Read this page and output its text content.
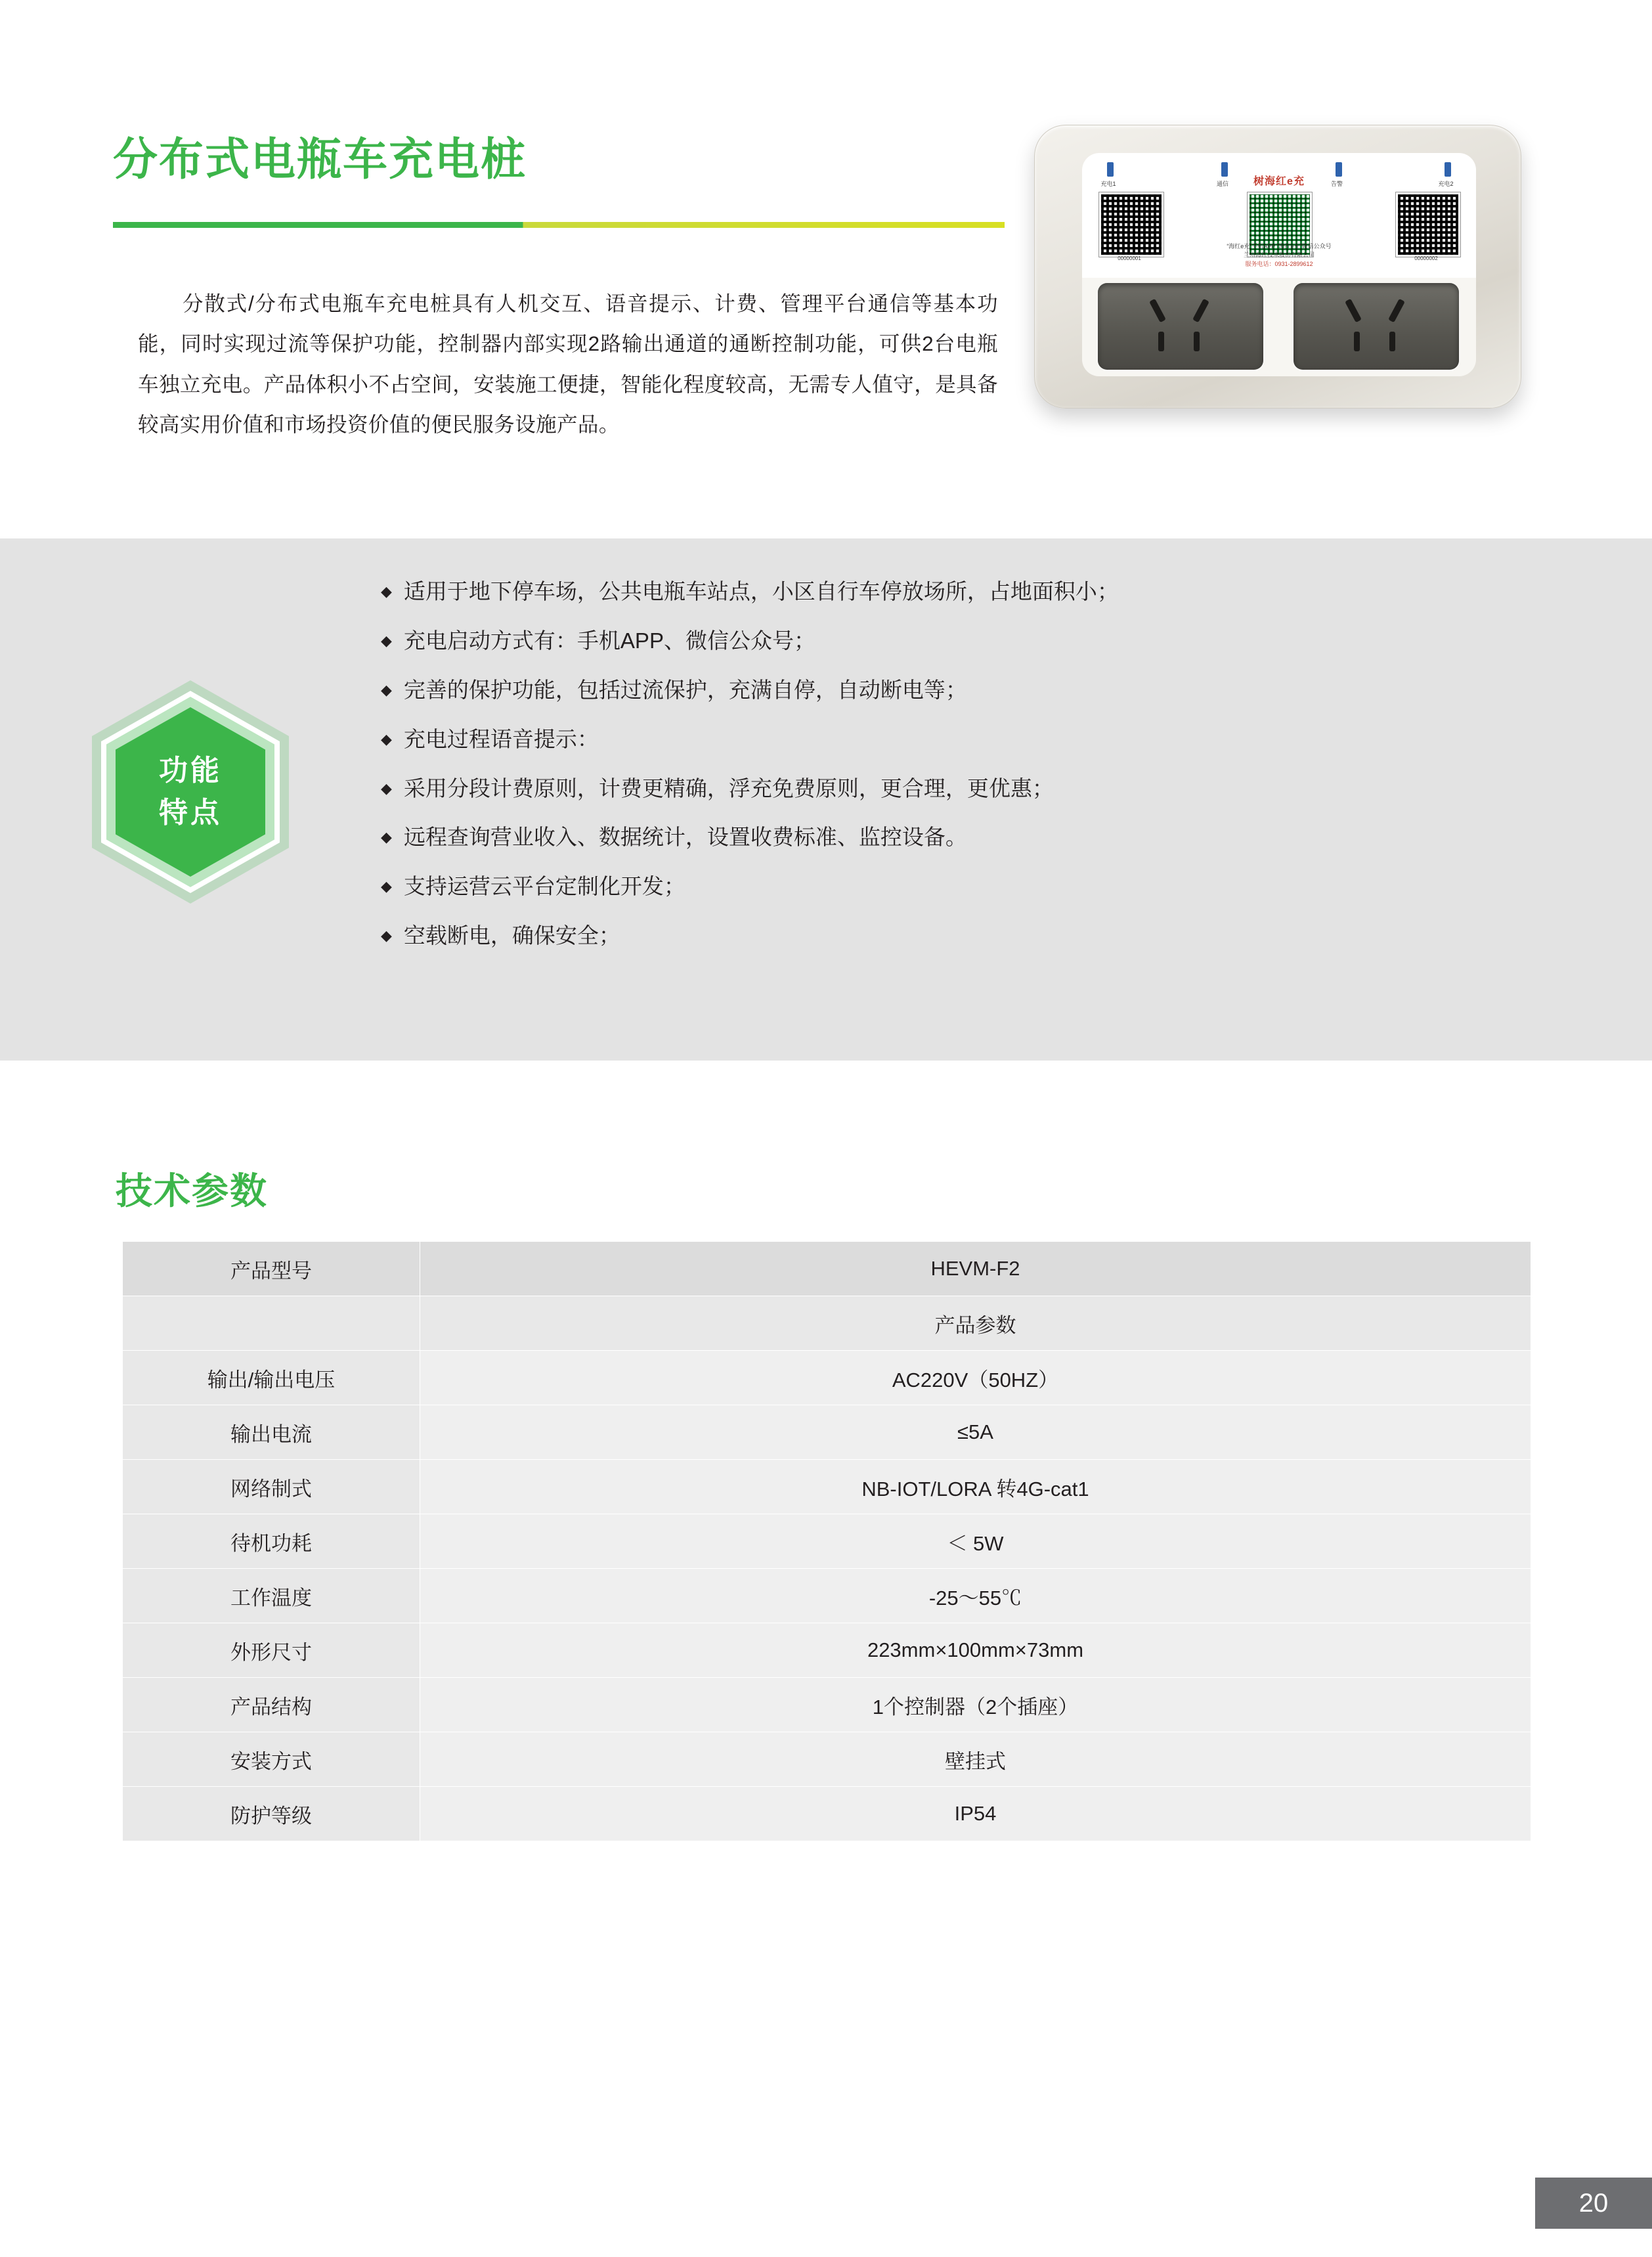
分布式电瓶车充电桩
分散式/分布式电瓶车充电桩具有人机交互、语音提示、计费、管理平台通信等基本功能，同时实现过流等保护功能，控制器内部实现2路输出通道的通断控制功能，可供2台电瓶车独立充电。产品体积小不占空间，安装施工便捷，智能化程度较高，无需专人值守，是具备较高实用价值和市场投资价值的便民服务设施产品。
树海红e充
充电1	通信	告警	充电2
00000001	00000002
“海红e充”手机APP “海红e充”微信公众号
兰州海红技术股份有限公司
服务电话：0931-2899612
功能
特点
◆ 适用于地下停车场，公共电瓶车站点，小区自行车停放场所，占地面积小；
◆ 充电启动方式有：手机APP、微信公众号；
◆ 完善的保护功能，包括过流保护，充满自停，自动断电等；
◆ 充电过程语音提示：
◆ 采用分段计费原则，计费更精确，浮充免费原则，更合理，更优惠；
◆ 远程查询营业收入、数据统计，设置收费标准、监控设备。
◆ 支持运营云平台定制化开发；
◆ 空载断电，确保安全；
技术参数
产品型号	HEVM-F2
	产品参数
输出/输出电压	AC220V（50HZ）
输出电流	≤5A
网络制式	NB-IOT/LORA 转4G-cat1
待机功耗	＜ 5W
工作温度	-25～55℃
外形尺寸	223mm×100mm×73mm
产品结构	1个控制器（2个插座）
安装方式	壁挂式
防护等级	IP54
20
